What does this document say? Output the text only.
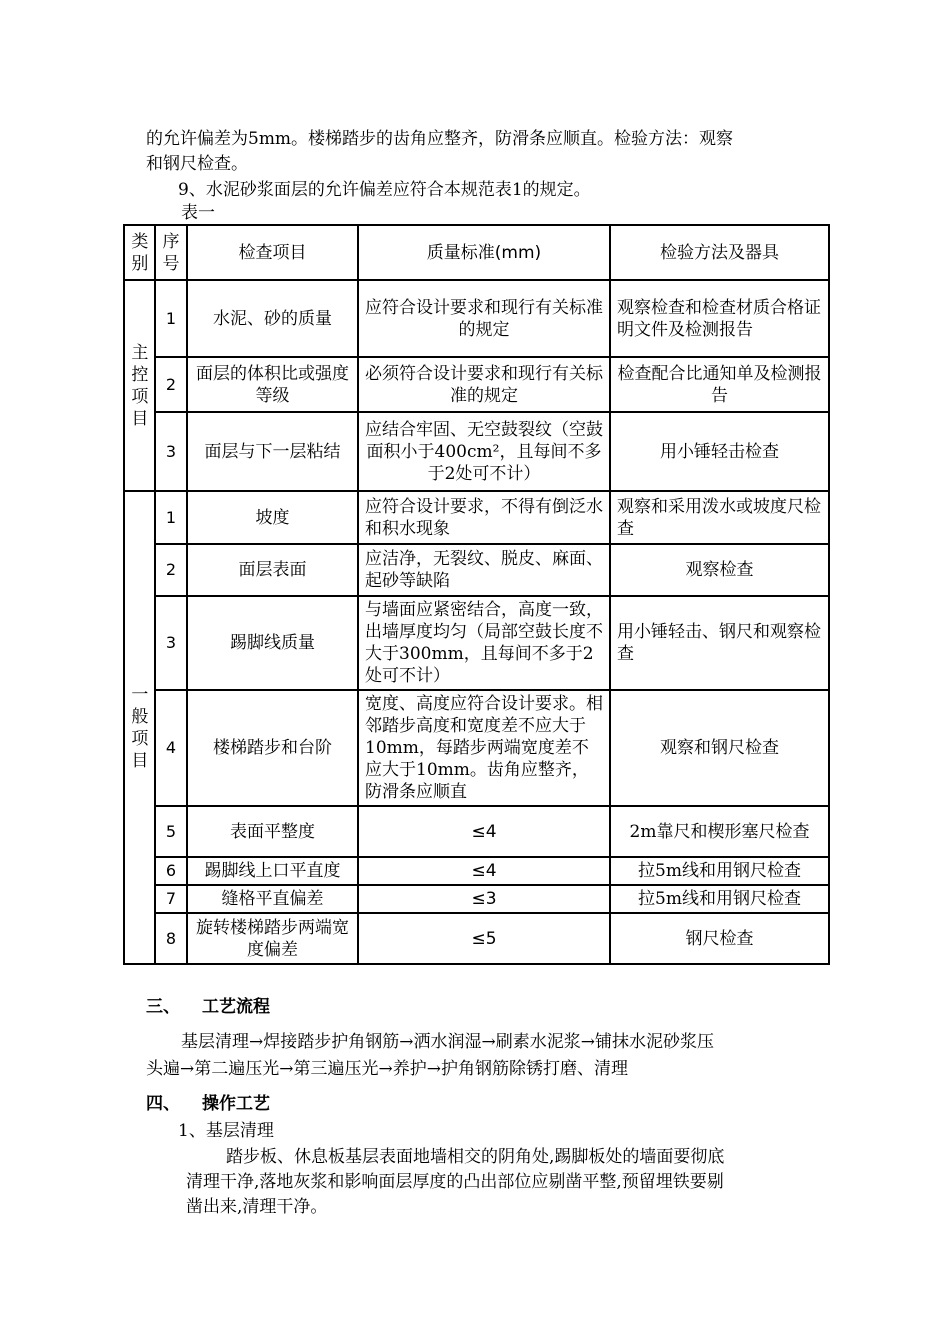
的允许偏差为5mm。楼梯踏步的齿角应整齐，防滑条应顺直。检验方法：观察
和钢尺检查。
9、水泥砂浆面层的允许偏差应符合本规范表1的规定。
表一
类别	序号	检查项目	质量标准(mm)	检验方法及器具
主控项目	1	水泥、砂的质量	应符合设计要求和现行有关标准的规定	观察检查和检查材质合格证明文件及检测报告
	2	面层的体积比或强度等级	必须符合设计要求和现行有关标准的规定	检查配合比通知单及检测报告
	3	面层与下一层粘结	应结合牢固、无空鼓裂纹（空鼓面积小于400cm²，且每间不多于2处可不计）	用小锤轻击检查
一般项目	1	坡度	应符合设计要求，不得有倒泛水和积水现象	观察和采用泼水或坡度尺检查
	2	面层表面	应洁净，无裂纹、脱皮、麻面、起砂等缺陷	观察检查
	3	踢脚线质量	与墙面应紧密结合，高度一致，出墙厚度均匀（局部空鼓长度不大于300mm，且每间不多于2处可不计）	用小锤轻击、钢尺和观察检查
	4	楼梯踏步和台阶	宽度、高度应符合设计要求。相邻踏步高度和宽度差不应大于10mm，每踏步两端宽度差不应大于10mm。齿角应整齐，防滑条应顺直	观察和钢尺检查
	5	表面平整度	≤4	2m靠尺和楔形塞尺检查
	6	踢脚线上口平直度	≤4	拉5m线和用钢尺检查
	7	缝格平直偏差	≤3	拉5m线和用钢尺检查
	8	旋转楼梯踏步两端宽度偏差	≤5	钢尺检查
三、 工艺流程
基层清理→焊接踏步护角钢筋→洒水润湿→刷素水泥浆→铺抹水泥砂浆压
头遍→第二遍压光→第三遍压光→养护→护角钢筋除锈打磨、清理
四、 操作工艺
1、基层清理
踏步板、休息板基层表面地墙相交的阴角处,踢脚板处的墙面要彻底
清理干净,落地灰浆和影响面层厚度的凸出部位应剔凿平整,预留埋铁要剔
凿出来,清理干净。
